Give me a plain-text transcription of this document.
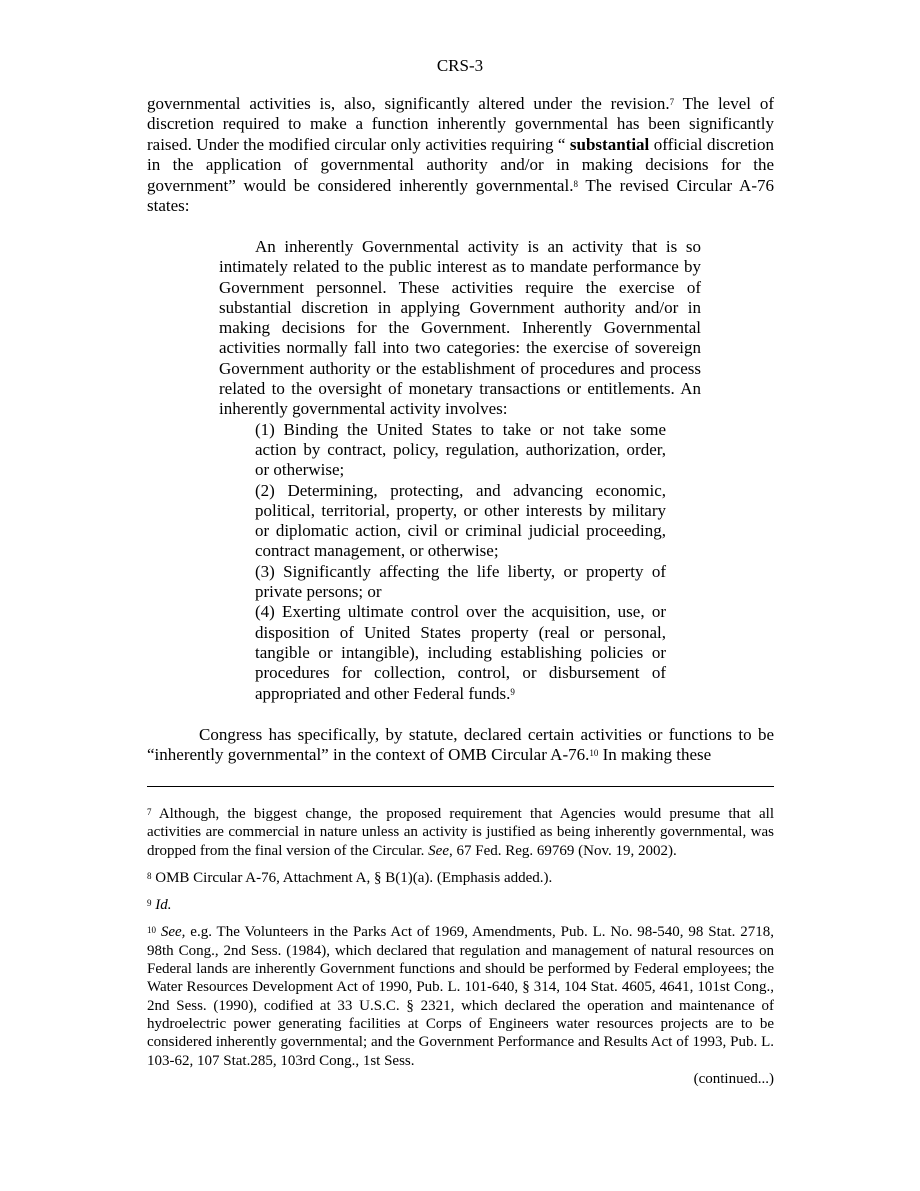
CRS-3

governmental activities is, also, significantly altered under the revision.$^7$ The level of discretion required to make a function inherently governmental has been significantly raised. Under the modified circular only activities requiring “ substantial official discretion in the application of governmental authority and/or in making decisions for the government” would be considered inherently governmental.$^8$ The revised Circular A-76 states:

An inherently Governmental activity is an activity that is so intimately related to the public interest as to mandate performance by Government personnel. These activities require the exercise of substantial discretion in applying Government authority and/or in making decisions for the Government. Inherently Governmental activities normally fall into two categories: the exercise of sovereign Government authority or the establishment of procedures and process related to the oversight of monetary transactions or entitlements. An inherently governmental activity involves:

(1) Binding the United States to take or not take some action by contract, policy, regulation, authorization, order, or otherwise;

(2) Determining, protecting, and advancing economic, political, territorial, property, or other interests by military or diplomatic action, civil or criminal judicial proceeding, contract management, or otherwise;

(3) Significantly affecting the life liberty, or property of private persons; or

(4) Exerting ultimate control over the acquisition, use, or disposition of United States property (real or personal, tangible or intangible), including establishing policies or procedures for collection, control, or disbursement of appropriated and other Federal funds.$^9$

Congress has specifically, by statute, declared certain activities or functions to be “inherently governmental” in the context of OMB Circular A-76.10 In making these

$^7$ Although, the biggest change, the proposed requirement that Agencies would presume that all activities are commercial in nature unless an activity is justified as being inherently governmental, was dropped from the final version of the Circular. See, 67 Fed. Reg. 69769 (Nov. 19, 2002).

$^8$ OMB Circular A-76, Attachment A, § B(1)(a). (Emphasis added.).

$^9$ Id.

$^{10}$ See, e.g. The Volunteers in the Parks Act of 1969, Amendments, Pub. L. No. 98-540, 98 Stat. 2718, 98th Cong., 2nd Sess. (1984), which declared that regulation and management of natural resources on Federal lands are inherently Government functions and should be performed by Federal employees; the Water Resources Development Act of 1990, Pub. L. 101-640, § 314, 104 Stat. 4605, 4641, 101st Cong., 2nd Sess. (1990), codified at 33 U.S.C. § 2321, which declared the operation and maintenance of hydroelectric power generating facilities at Corps of Engineers water resources projects are to be considered inherently governmental; and the Government Performance and Results Act of 1993, Pub. L. 103-62, 107 Stat.285, 103rd Cong., 1st Sess.

(continued...)
